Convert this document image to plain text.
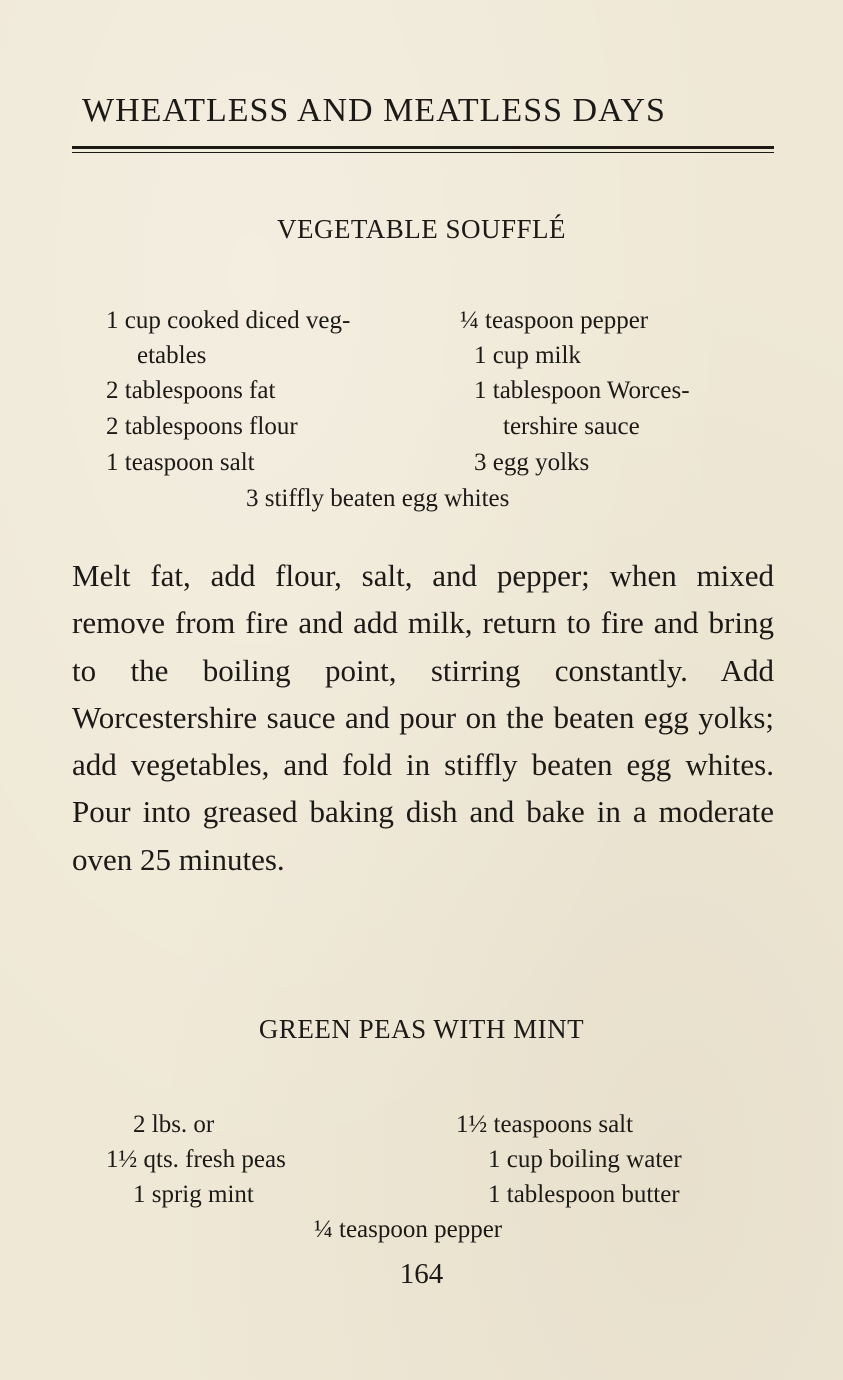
WHEATLESS AND MEATLESS DAYS
VEGETABLE SOUFFLÉ
1 cup cooked diced veg-
etables
2 tablespoons fat
2 tablespoons flour
1 teaspoon salt
¼ teaspoon pepper
1 cup milk
1 tablespoon Worces-
tershire sauce
3 egg yolks
3 stiffly beaten egg whites

Melt fat, add flour, salt, and pepper; when mixed remove from fire and add milk, return to fire and bring to the boiling point, stirring constantly. Add Worcestershire sauce and pour on the beaten egg yolks; add vegetables, and fold in stiffly beaten egg whites. Pour into greased baking dish and bake in a moderate oven 25 minutes.

GREEN PEAS WITH MINT
2 lbs. or
1½ qts. fresh peas
1 sprig mint
1½ teaspoons salt
1 cup boiling water
1 tablespoon butter
¼ teaspoon pepper
164
